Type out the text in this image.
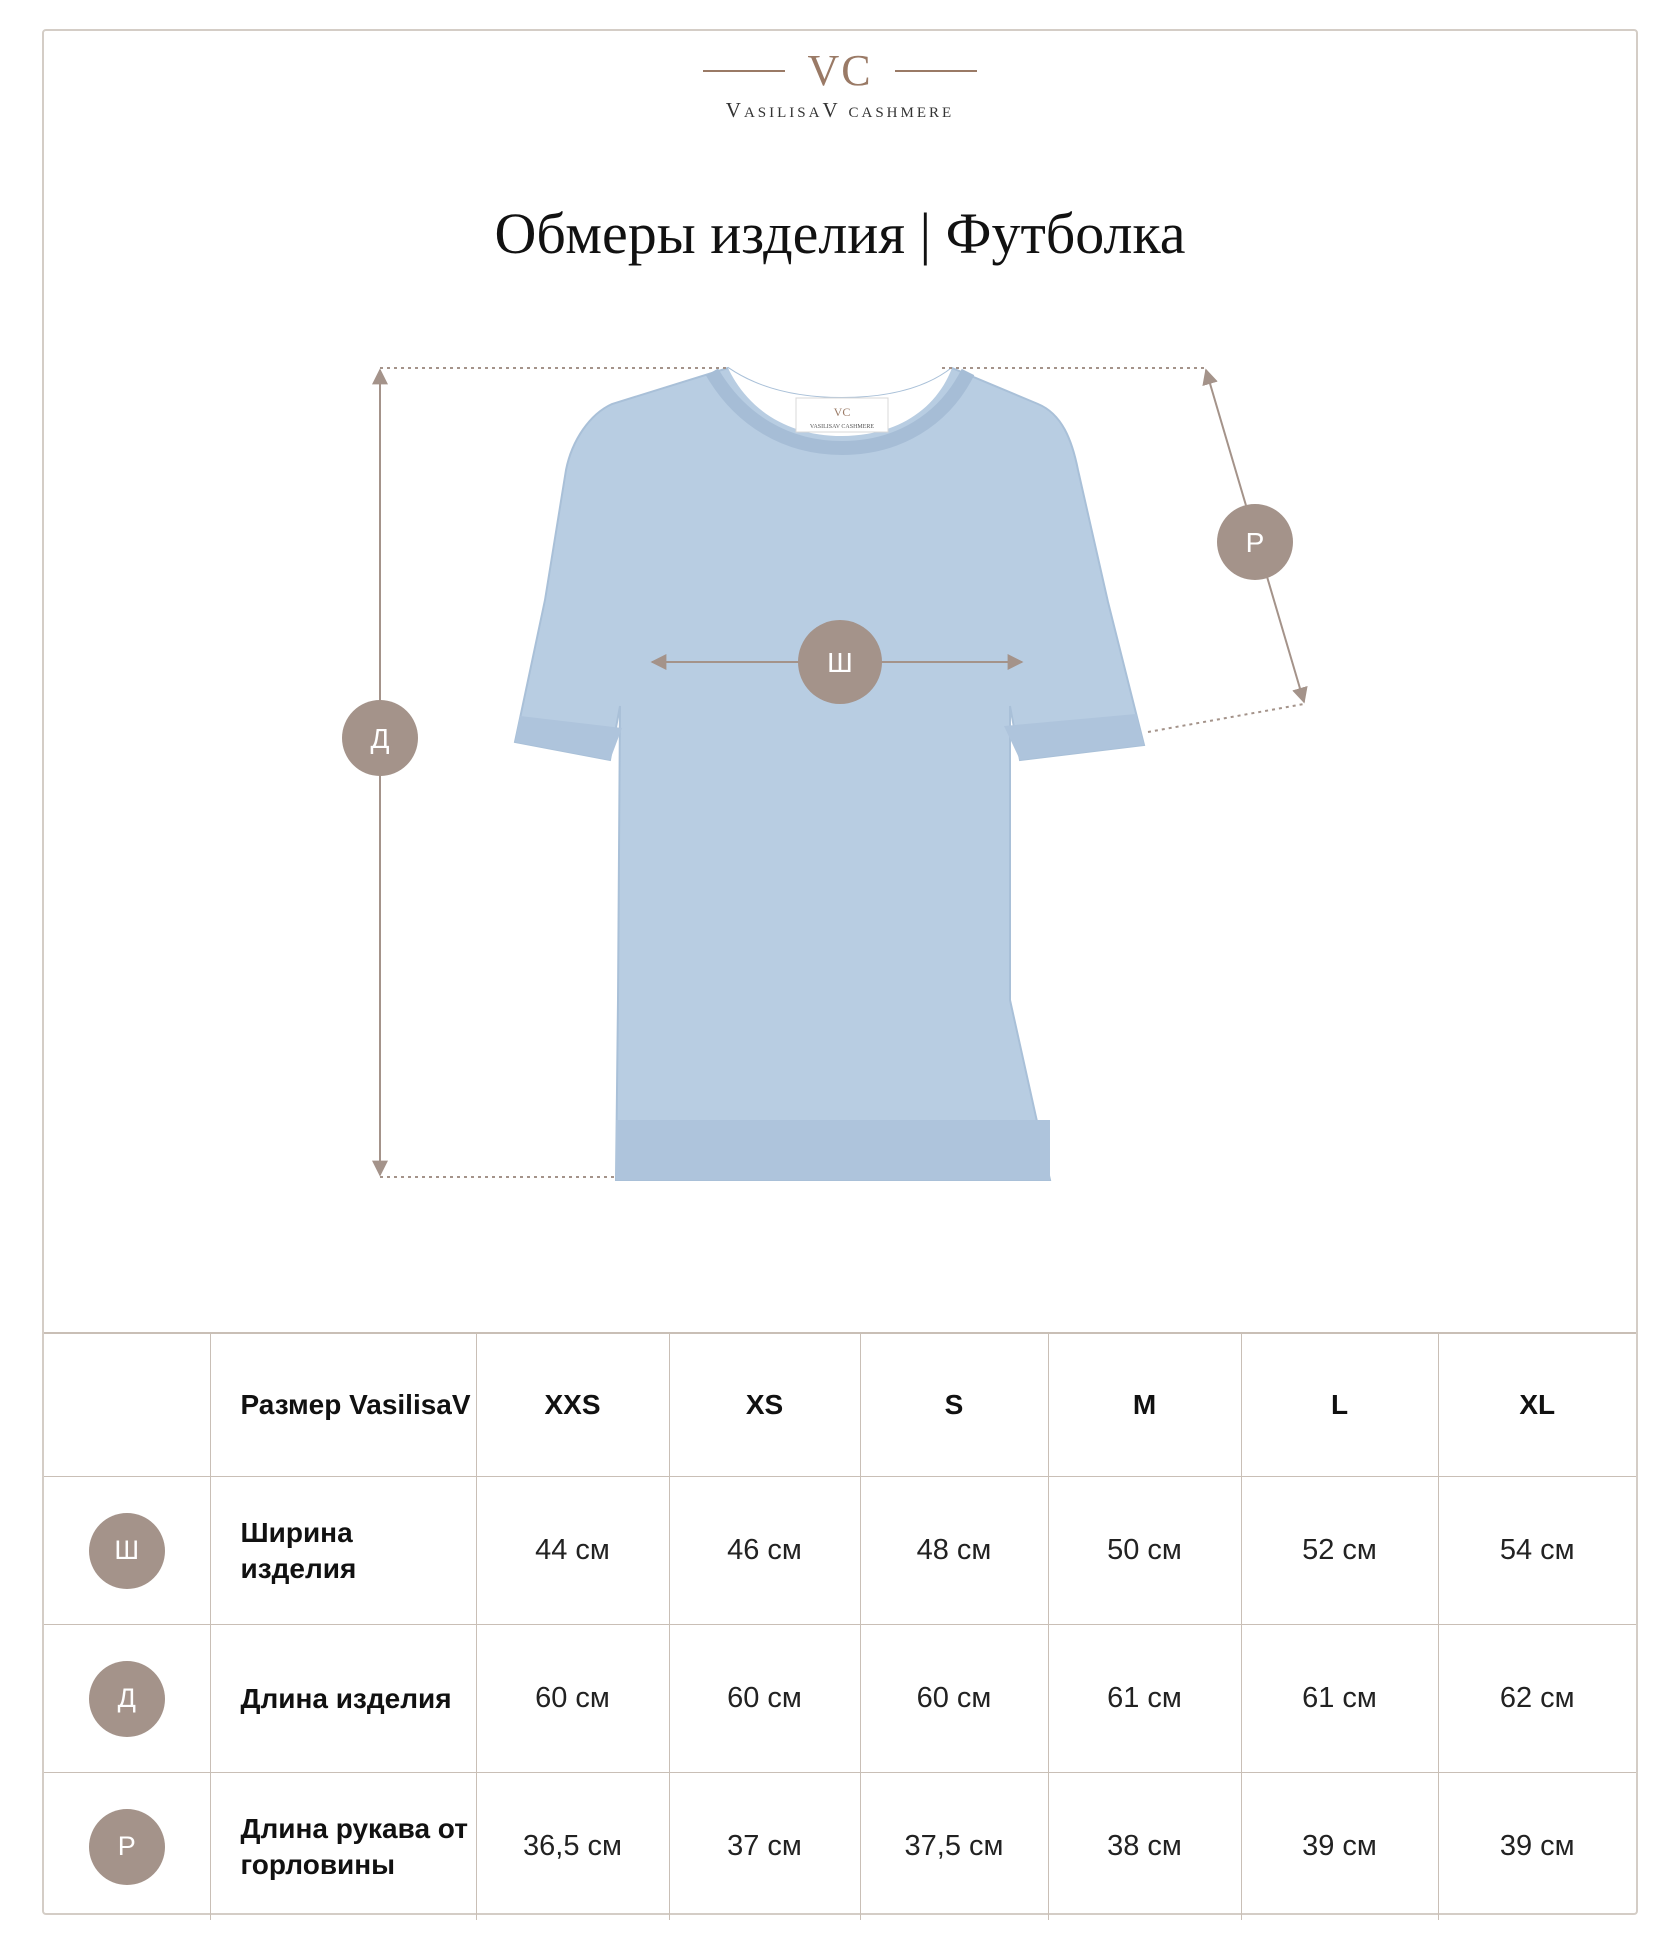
VC
VasilisaV cashmere
Обмеры изделия | Футболка
VC
VASILISAV CASHMERE
Д
Ш
Р
	Размер VasilisaV	XXS	XS	S	M	L	XL
Ш	Ширина изделия	44 см	46 см	48 см	50 см	52 см	54 см
Д	Длина изделия	60 см	60 см	60 см	61 см	61 см	62 см
Р	Длина рукава от горловины	36,5 см	37 см	37,5 см	38 см	39 см	39 см
